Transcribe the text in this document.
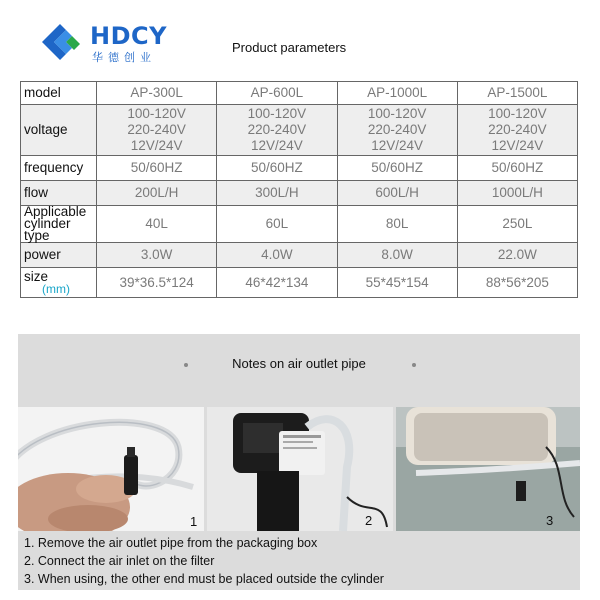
HDCY
华德创业
Product parameters
model	AP-300L	AP-600L	AP-1000L	AP-1500L
voltage	100-120V
220-240V
12V/24V	100-120V
220-240V
12V/24V	100-120V
220-240V
12V/24V	100-120V
220-240V
12V/24V

frequency	50/60HZ	50/60HZ	50/60HZ	50/60HZ
flow	200L/H	300L/H	600L/H	1000L/H

Applicable
cylinder type	40L	60L	80L	250L
power	3.0W	4.0W	8.0W	22.0W

size
(mm)	39*36.5*124	46*42*134	55*45*154	88*56*205
Notes on air outlet pipe
1	2	3
1. Remove the air outlet pipe from the packaging box
2. Connect the air inlet on the filter
3. When using, the other end must be placed outside the cylinder
